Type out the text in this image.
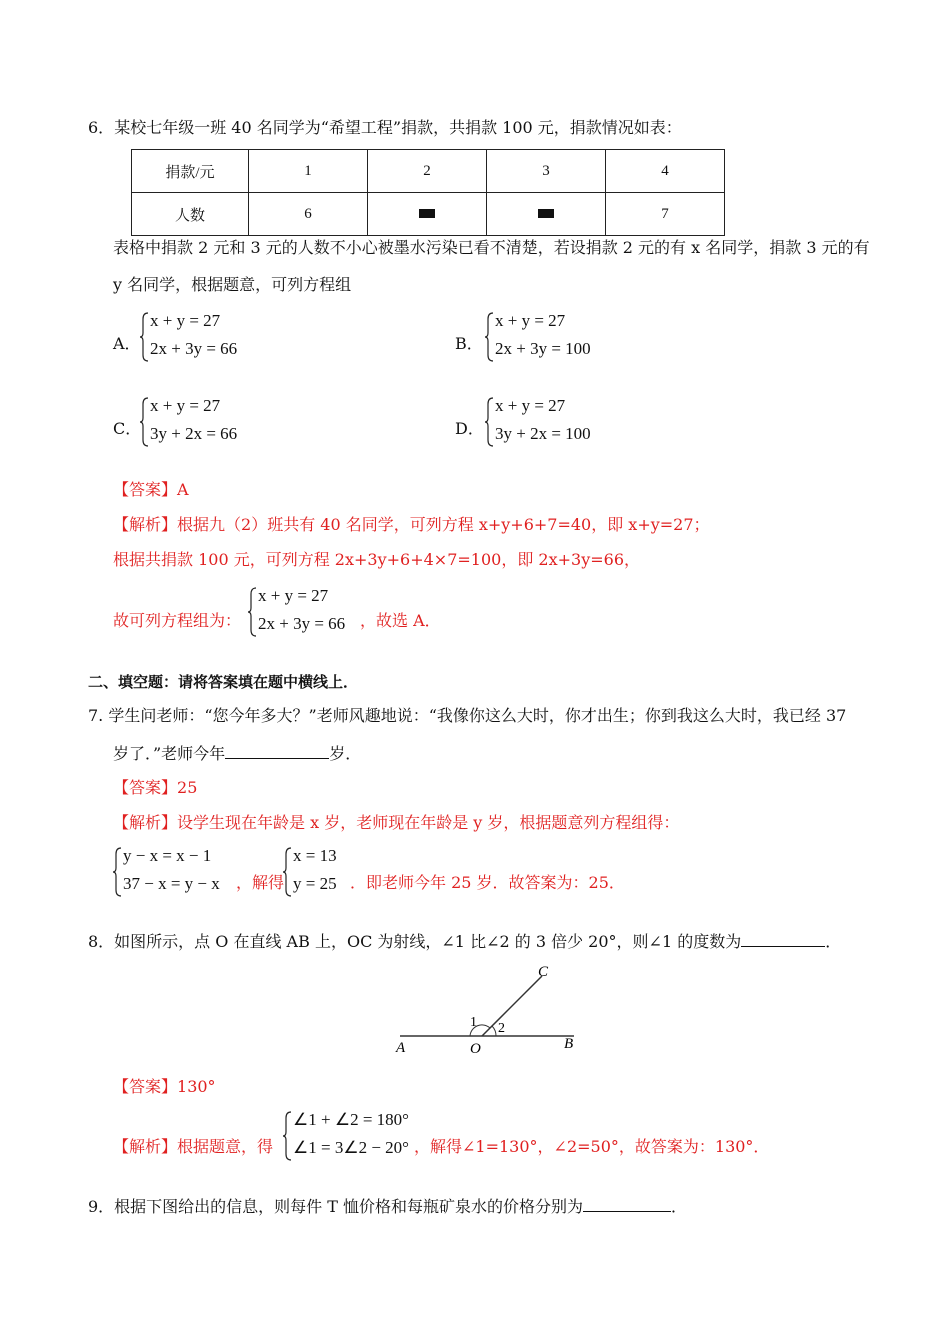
6．某校七年级一班 40 名同学为“希望工程”捐款，共捐款 100 元，捐款情况如表：
捐款/元	1	2	3	4
人数	6			7
表格中捐款 2 元和 3 元的人数不小心被墨水污染已看不清楚，若设捐款 2 元的有 x 名同学，捐款 3 元的有
y 名同学，根据题意，可列方程组
A．
x + y = 27
2x + 3y = 66	B．
x + y = 27
2x + 3y = 100
C．
x + y = 27
3y + 2x = 66	D．
x + y = 27
3y + 2x = 100
【答案】A
【解析】根据九（2）班共有 40 名同学，可列方程 x+y+6+7=40，即 x+y=27；
根据共捐款 100 元，可列方程 2x+3y+6+4×7=100，即 2x+3y=66，
故可列方程组为：
x + y = 27
2x + 3y = 66 ，故选 A．
二、填空题：请将答案填在题中横线上．
7. 学生问老师：“您今年多大？”老师风趣地说：“我像你这么大时，你才出生；你到我这么大时，我已经 37
岁了．”老师今年	岁．
【答案】25
【解析】设学生现在年龄是 x 岁，老师现在年龄是 y 岁，根据题意列方程组得：
y − x = x − 1
37 − x = y − x ，解得
x = 13
y = 25 ．即老师今年 25 岁．故答案为：25．
8．如图所示，点 O 在直线 AB 上，OC 为射线，∠1 比∠2 的 3 倍少 20°，则∠1 的度数为	．
A	O	B
C
1 2
【答案】130°
【解析】根据题意，得
∠1 + ∠2 = 180°
∠1 = 3∠2 − 20° ，解得∠1=130°，∠2=50°，故答案为：130°．
9．根据下图给出的信息，则每件 T 恤价格和每瓶矿泉水的价格分别为	．
